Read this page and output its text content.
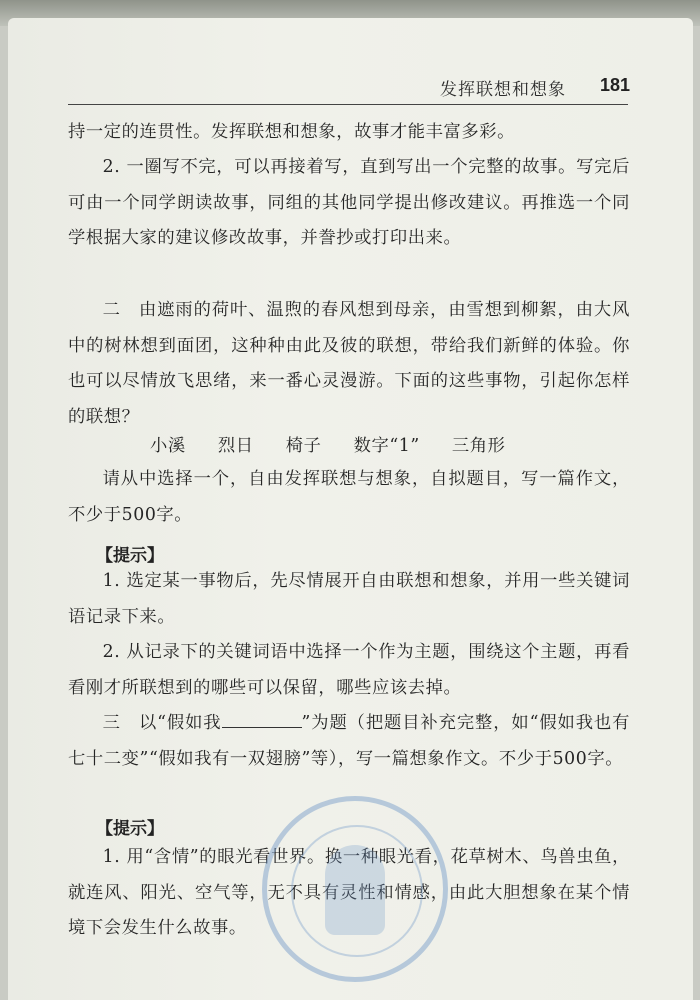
发挥联想和想象 181
持一定的连贯性。发挥联想和想象，故事才能丰富多彩。
2. 一圈写不完，可以再接着写，直到写出一个完整的故事。写完后可由一个同学朗读故事，同组的其他同学提出修改建议。再推选一个同学根据大家的建议修改故事，并誊抄或打印出来。
二　由遮雨的荷叶、温煦的春风想到母亲，由雪想到柳絮，由大风中的树林想到面团，这种种由此及彼的联想，带给我们新鲜的体验。你也可以尽情放飞思绪，来一番心灵漫游。下面的这些事物，引起你怎样的联想？
小溪 烈日 椅子 数字“1” 三角形
请从中选择一个，自由发挥联想与想象，自拟题目，写一篇作文，不少于500字。
【提示】
1. 选定某一事物后，先尽情展开自由联想和想象，并用一些关键词语记录下来。
2. 从记录下的关键词语中选择一个作为主题，围绕这个主题，再看看刚才所联想到的哪些可以保留，哪些应该去掉。
三　以“假如我	”为题（把题目补充完整，如“假如我也有七十二变”“假如我有一双翅膀”等），写一篇想象作文。不少于500字。
【提示】
1. 用“含情”的眼光看世界。换一种眼光看，花草树木、鸟兽虫鱼，就连风、阳光、空气等，无不具有灵性和情感，由此大胆想象在某个情境下会发生什么故事。
